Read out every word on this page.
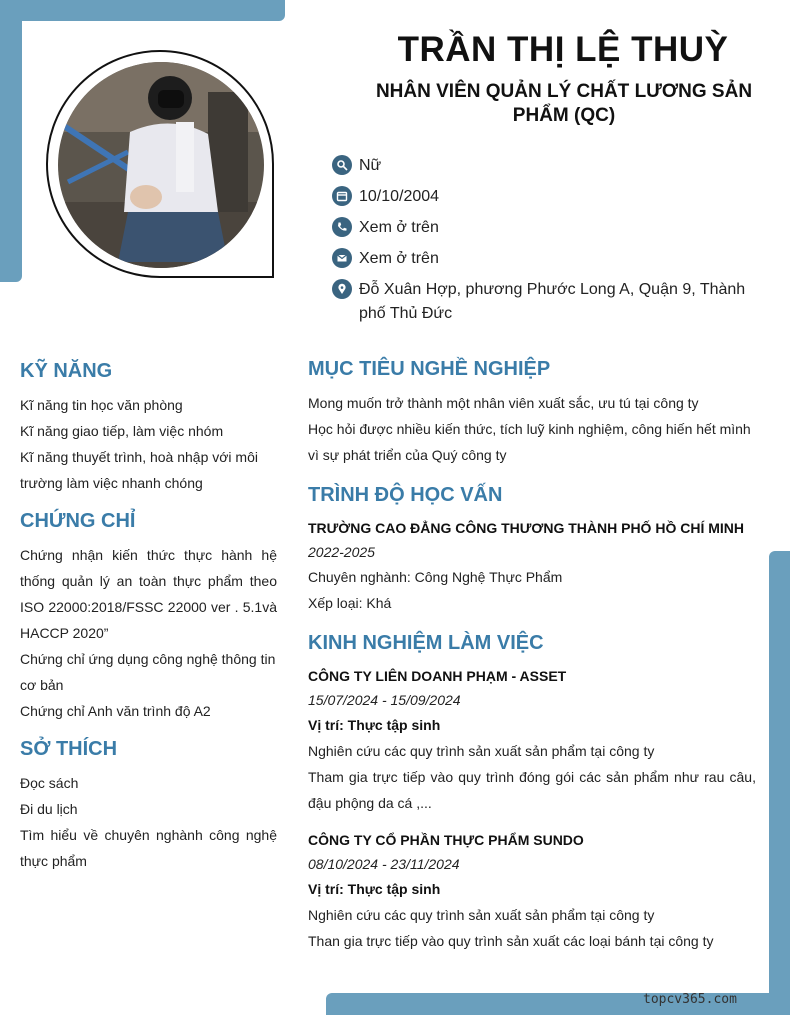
TRẦN THỊ LỆ THUỲ
NHÂN VIÊN QUẢN LÝ CHẤT LƯƠNG SẢN PHẨM (QC)
Nữ
10/10/2004
Xem ở trên
Xem ở trên
Đỗ Xuân Hợp, phương Phước Long A, Quận 9, Thành phố Thủ Đức
KỸ NĂNG
Kĩ năng tin học văn phòng
Kĩ năng giao tiếp, làm việc nhóm
Kĩ năng thuyết trình, hoà nhập với môi trường làm việc nhanh chóng
CHỨNG CHỈ
Chứng nhận kiến thức thực hành hệ thống quản lý an toàn thực phẩm theo ISO 22000:2018/FSSC 22000 ver . 5.1và HACCP 2020”
Chứng chỉ ứng dụng công nghệ thông tin cơ bản
Chứng chỉ Anh văn trình độ A2
SỞ THÍCH
Đọc sách
Đi du lịch
Tìm hiểu về chuyên nghành công nghệ thực phẩm
MỤC TIÊU NGHỀ NGHIỆP
Mong muốn trở thành một nhân viên xuất sắc, ưu tú tại công ty
Học hỏi được nhiều kiến thức, tích luỹ kinh nghiệm, công hiến hết mình vì sự phát triển của Quý công ty
TRÌNH ĐỘ HỌC VẤN
TRƯỜNG CAO ĐẲNG CÔNG THƯƠNG THÀNH PHỐ HỒ CHÍ MINH
2022-2025
Chuyên nghành: Công Nghệ Thực Phẩm
Xếp loại: Khá
KINH NGHIỆM LÀM VIỆC
CÔNG TY LIÊN DOANH PHẠM - ASSET
15/07/2024 - 15/09/2024
Vị trí: Thực tập sinh
Nghiên cứu các quy trình sản xuất sản phẩm tại công ty
Tham gia trực tiếp vào quy trình đóng gói các sản phẩm như rau câu, đậu phộng da cá ,...
CÔNG TY CỔ PHẦN THỰC PHẨM SUNDO
08/10/2024 - 23/11/2024
Vị trí: Thực tập sinh
Nghiên cứu các quy trình sản xuất sản phẩm tại công ty
Than gia trực tiếp vào quy trình sản xuất các loại bánh tại công ty
topcv365.com
